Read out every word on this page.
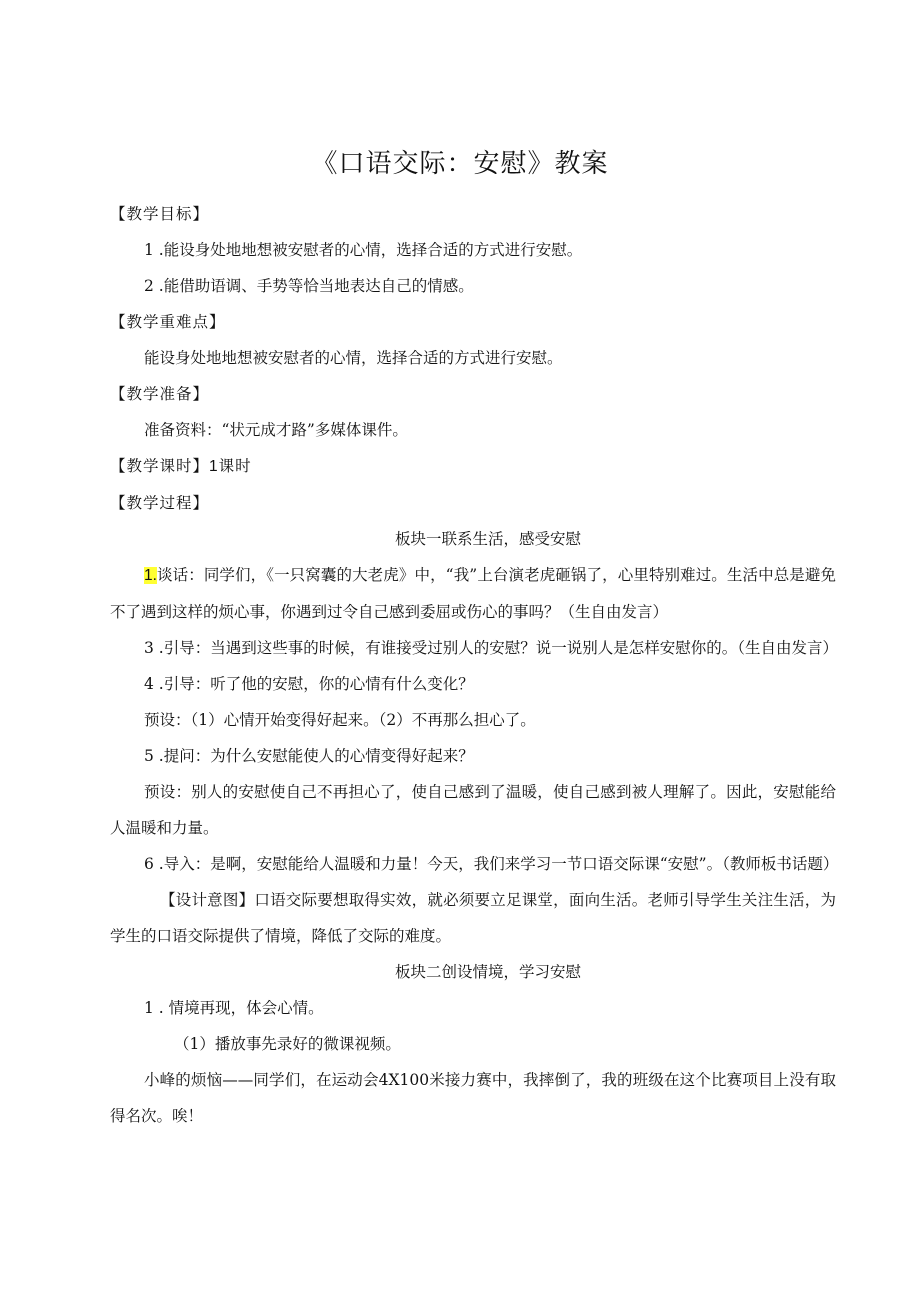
《口语交际：安慰》教案

【教学目标】

1 .能设身处地地想被安慰者的心情，选择合适的方式进行安慰。

2 .能借助语调、手势等恰当地表达自己的情感。

【教学重难点】

能设身处地地想被安慰者的心情，选择合适的方式进行安慰。

【教学准备】

准备资料：“状元成才路”多媒体课件。

【教学课时】1课时

【教学过程】

板块一联系生活，感受安慰

1.谈话：同学们，《一只窝囊的大老虎》中，“我”上台演老虎砸锅了，心里特别难过。生活中总是避免不了遇到这样的烦心事，你遇到过令自己感到委屈或伤心的事吗？（生自由发言）

3 .引导：当遇到这些事的时候，有谁接受过别人的安慰？说一说别人是怎样安慰你的。（生自由发言）

4 .引导：听了他的安慰，你的心情有什么变化？

预设：（1）心情开始变得好起来。（2）不再那么担心了。

5 .提问：为什么安慰能使人的心情变得好起来？

预设：别人的安慰使自己不再担心了，使自己感到了温暖，使自己感到被人理解了。因此，安慰能给人温暖和力量。

6 .导入：是啊，安慰能给人温暖和力量！今天，我们来学习一节口语交际课“安慰”。（教师板书话题）

【设计意图】口语交际要想取得实效，就必须要立足课堂，面向生活。老师引导学生关注生活，为学生的口语交际提供了情境，降低了交际的难度。

板块二创设情境，学习安慰

1 . 情境再现，体会心情。

（1）播放事先录好的微课视频。

小峰的烦恼——同学们，在运动会4X100米接力赛中，我摔倒了，我的班级在这个比赛项目上没有取得名次。唉！
